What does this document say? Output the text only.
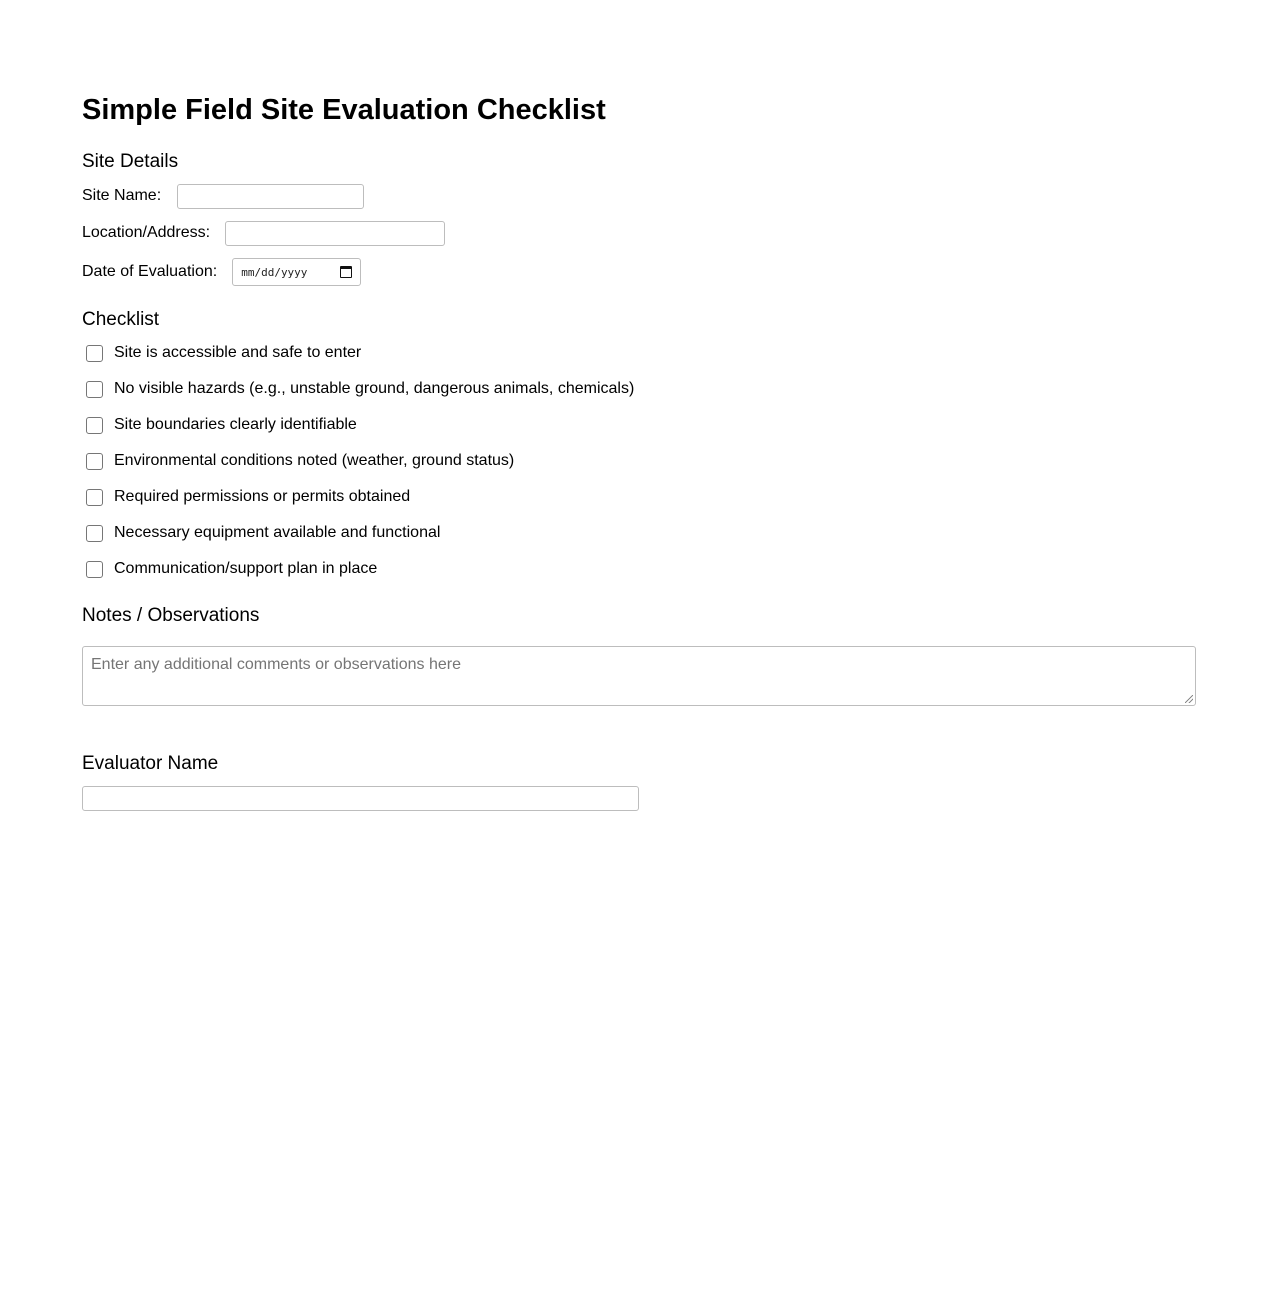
Simple Field Site Evaluation Checklist
Site Details
Site Name:
Location/Address:
Date of Evaluation: mm/dd/yyyy
Checklist
Site is accessible and safe to enter
No visible hazards (e.g., unstable ground, dangerous animals, chemicals)
Site boundaries clearly identifiable
Environmental conditions noted (weather, ground status)
Required permissions or permits obtained
Necessary equipment available and functional
Communication/support plan in place
Notes / Observations
Enter any additional comments or observations here
Evaluator Name
